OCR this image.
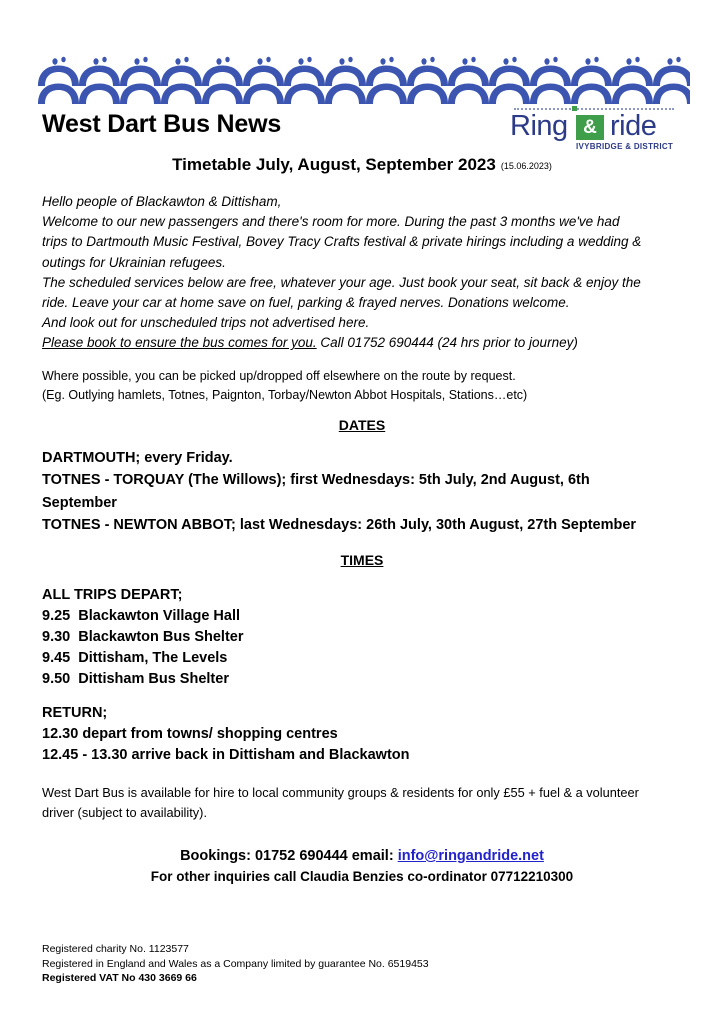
West Dart Bus News	Ring & ride
IVYBRIDGE & DISTRICT
Timetable July, August, September 2023 (15.06.2023)
Hello people of Blackawton & Dittisham,
Welcome to our new passengers and there's room for more. During the past 3 months we've had trips to Dartmouth Music Festival, Bovey Tracy Crafts festival & private hirings including a wedding & outings for Ukrainian refugees.
The scheduled services below are free, whatever your age. Just book your seat, sit back & enjoy the ride. Leave your car at home save on fuel, parking & frayed nerves. Donations welcome.
And look out for unscheduled trips not advertised here.
Please book to ensure the bus comes for you. Call 01752 690444 (24 hrs prior to journey)
Where possible, you can be picked up/dropped off elsewhere on the route by request.
(Eg. Outlying hamlets, Totnes, Paignton, Torbay/Newton Abbot Hospitals, Stations…etc)
DATES
DARTMOUTH; every Friday.
TOTNES - TORQUAY (The Willows); first Wednesdays: 5th July, 2nd August, 6th September
TOTNES - NEWTON ABBOT; last Wednesdays: 26th July, 30th August, 27th September
TIMES
ALL TRIPS DEPART;
9.25 Blackawton Village Hall
9.30 Blackawton Bus Shelter
9.45 Dittisham, The Levels
9.50 Dittisham Bus Shelter
RETURN;
12.30 depart from towns/ shopping centres
12.45 - 13.30 arrive back in Dittisham and Blackawton
West Dart Bus is available for hire to local community groups & residents for only £55 + fuel & a volunteer driver (subject to availability).
Bookings: 01752 690444 email: info@ringandride.net
For other inquiries call Claudia Benzies co-ordinator 07712210300
Registered charity No. 1123577
Registered in England and Wales as a Company limited by guarantee No. 6519453
Registered VAT No 430 3669 66
